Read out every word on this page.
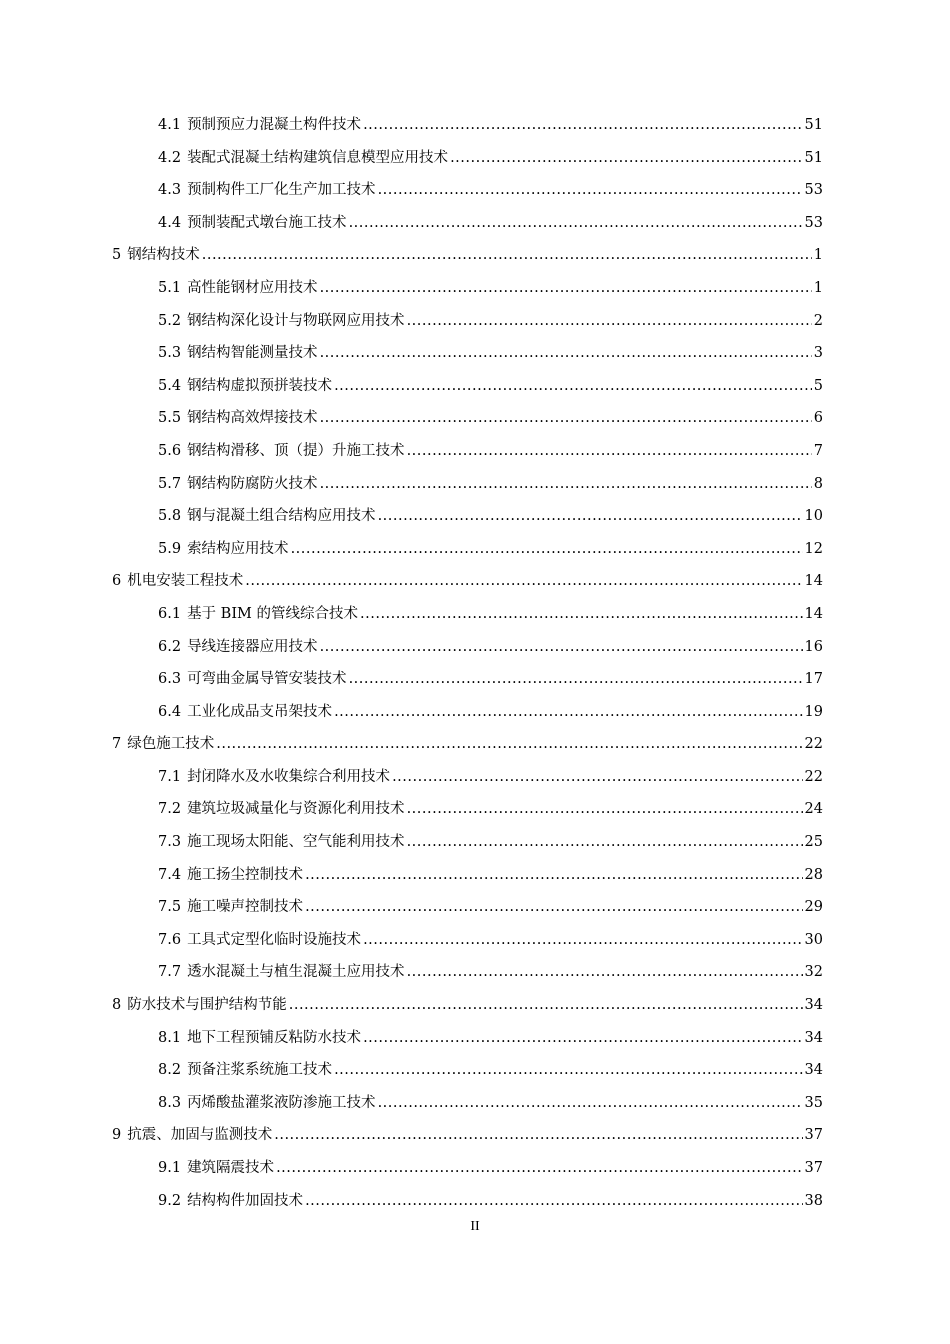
4.1 预制预应力混凝土构件技术 .....	51
4.2 装配式混凝土结构建筑信息模型应用技术 .....	51
4.3 预制构件工厂化生产加工技术 .....	53
4.4 预制装配式墩台施工技术 .....	53
5 钢结构技术 .....	1
5.1 高性能钢材应用技术 .....	1
5.2 钢结构深化设计与物联网应用技术 .....	2
5.3 钢结构智能测量技术 .....	3
5.4 钢结构虚拟预拼装技术 .....	5
5.5 钢结构高效焊接技术 .....	6
5.6 钢结构滑移、顶（提）升施工技术 .....	7
5.7 钢结构防腐防火技术 .....	8
5.8 钢与混凝土组合结构应用技术 .....	10
5.9 索结构应用技术 .....	12
6 机电安装工程技术 .....	14
6.1 基于 BIM 的管线综合技术 .....	14
6.2 导线连接器应用技术 .....	16
6.3 可弯曲金属导管安装技术 .....	17
6.4 工业化成品支吊架技术 .....	19
7 绿色施工技术 .....	22
7.1 封闭降水及水收集综合利用技术 .....	22
7.2 建筑垃圾减量化与资源化利用技术 .....	24
7.3 施工现场太阳能、空气能利用技术 .....	25
7.4 施工扬尘控制技术 .....	28
7.5 施工噪声控制技术 .....	29
7.6 工具式定型化临时设施技术 .....	30
7.7 透水混凝土与植生混凝土应用技术 .....	32
8 防水技术与围护结构节能 .....	34
8.1 地下工程预铺反粘防水技术 .....	34
8.2 预备注浆系统施工技术 .....	34
8.3 丙烯酸盐灌浆液防渗施工技术 .....	35
9 抗震、加固与监测技术 .....	37
9.1 建筑隔震技术 .....	37
9.2 结构构件加固技术 .....	38
II
